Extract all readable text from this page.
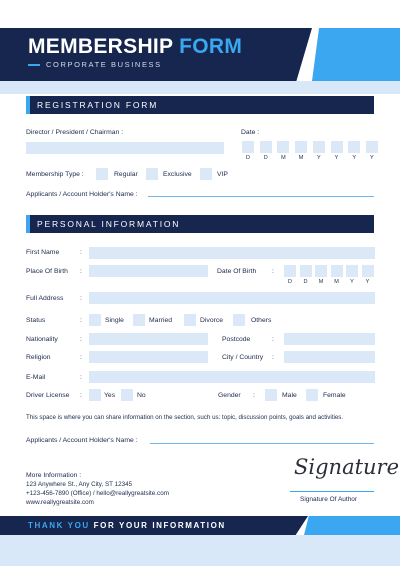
MEMBERSHIP FORM
CORPORATE BUSINESS
REGISTRATION FORM
Director / President / Chairman :	Date :
D	D	M	M	Y	Y	Y	Y
Membership Type :	Regular	Exclusive	VIP
Applicants / Account Holder's Name :
PERSONAL INFORMATION
First Name	:
Place Of Birth :	Date Of Birth :
D	D	M	M	Y	Y
Full Address :
Status	:	Single	Married	Divorce	Others
Nationality	:	Postcode	:
Religion	:	City / Country :
E-Mail	:
Driver License :	Yes	No	Gender :	Male	Female
This space is where you can share information on the section, such us: topic, discussion points, goals and activities.
Applicants / Account Holder's Name :
More Information :
123 Anywhere St., Any City, ST 12345
+123-456-7890 (Office) / hello@reallygreatsite.com
www.reallygreatsite.com
Signature
Signature Of Author
THANK YOU FOR YOUR INFORMATION
